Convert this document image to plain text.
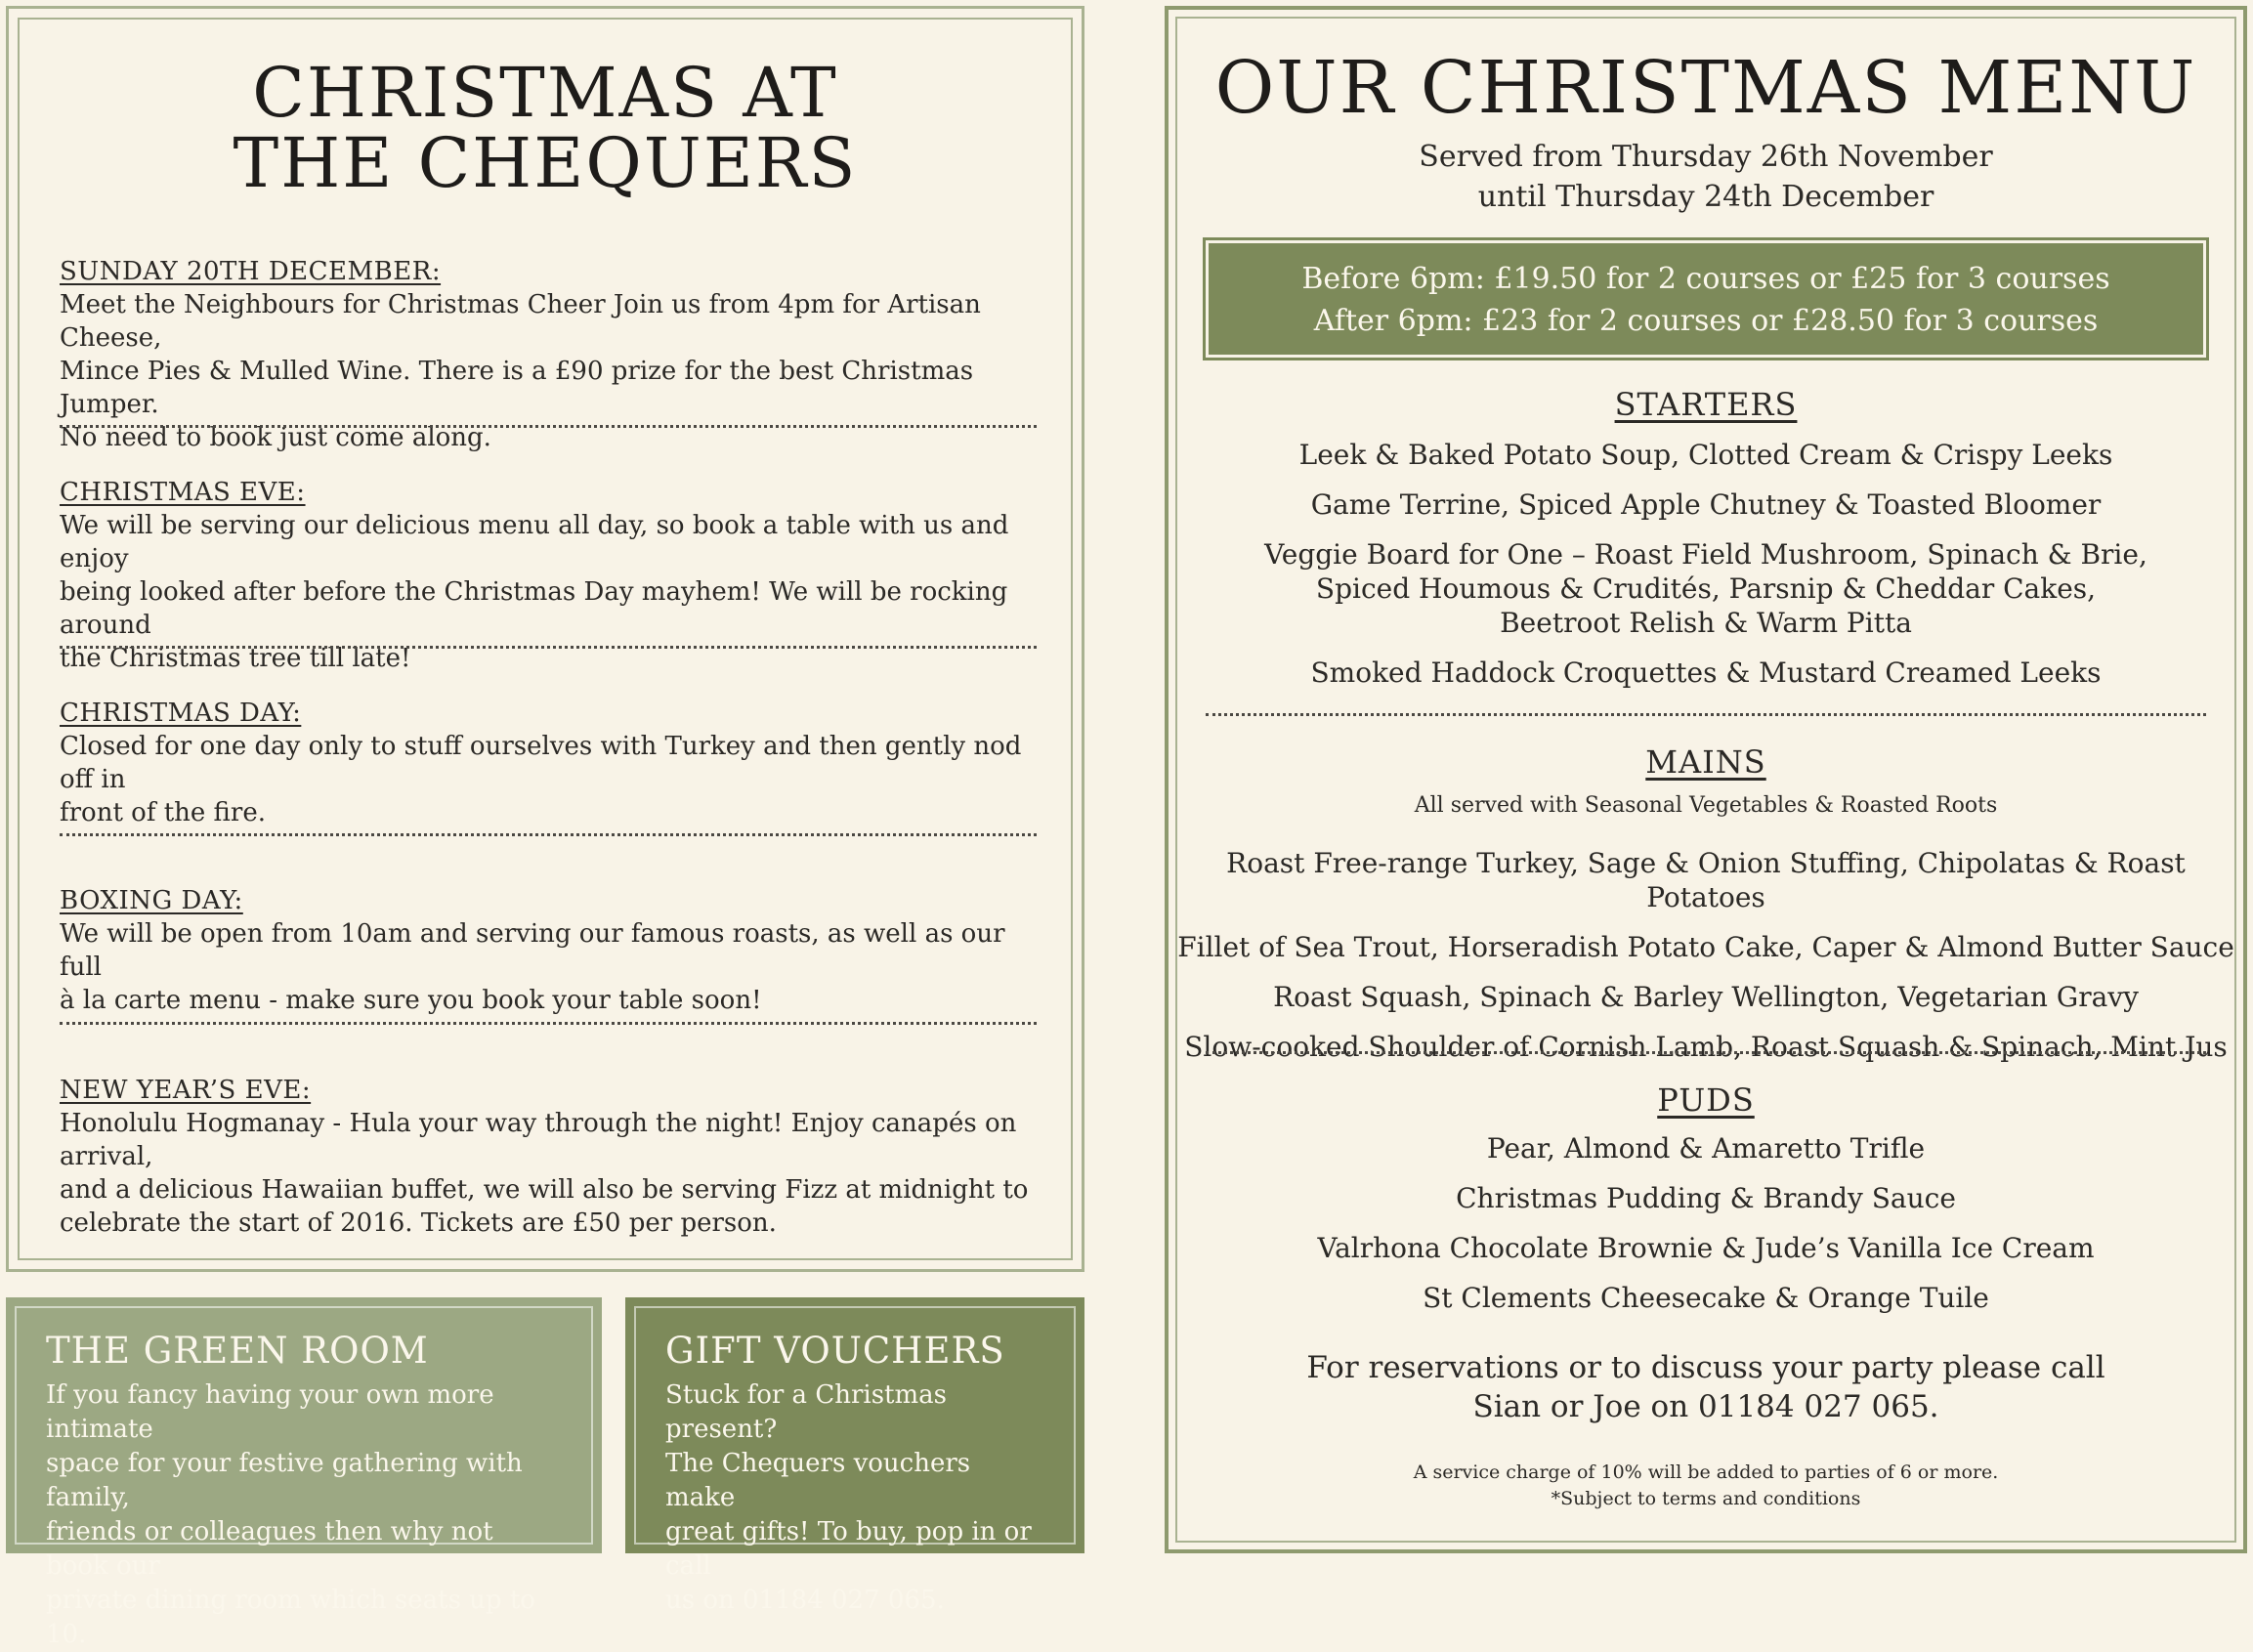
CHRISTMAS AT
THE CHEQUERS
SUNDAY 20TH DECEMBER:

Meet the Neighbours for Christmas Cheer Join us from 4pm for Artisan Cheese,
Mince Pies & Mulled Wine. There is a £90 prize for the best Christmas Jumper.
No need to book just come along.

CHRISTMAS EVE:

We will be serving our delicious menu all day, so book a table with us and enjoy
being looked after before the Christmas Day mayhem! We will be rocking around
the Christmas tree till late!

CHRISTMAS DAY:

Closed for one day only to stuff ourselves with Turkey and then gently nod off in
front of the fire.

BOXING DAY:

We will be open from 10am and serving our famous roasts, as well as our full
à la carte menu - make sure you book your table soon!

NEW YEAR’S EVE:

Honolulu Hogmanay - Hula your way through the night! Enjoy canapés on arrival,
and a delicious Hawaiian buffet, we will also be serving Fizz at midnight to
celebrate the start of 2016. Tickets are £50 per person.

THE GREEN ROOM

If you fancy having your own more intimate
space for your festive gathering with family,
friends or colleagues then why not book our
private dining room which seats up to 10.

GIFT VOUCHERS

Stuck for a Christmas present?
The Chequers vouchers make
great gifts! To buy, pop in or call
us on 01184 027 065.

OUR CHRISTMAS MENU
Served from Thursday 26th November
until Thursday 24th December
Before 6pm: £19.50 for 2 courses or £25 for 3 courses
After 6pm: £23 for 2 courses or £28.50 for 3 courses
STARTERS
Leek & Baked Potato Soup, Clotted Cream & Crispy Leeks
Game Terrine, Spiced Apple Chutney & Toasted Bloomer
Veggie Board for One – Roast Field Mushroom, Spinach & Brie,
Spiced Houmous & Crudités, Parsnip & Cheddar Cakes,
Beetroot Relish & Warm Pitta
Smoked Haddock Croquettes & Mustard Creamed Leeks
MAINS
All served with Seasonal Vegetables & Roasted Roots
Roast Free-range Turkey, Sage & Onion Stuffing, Chipolatas & Roast Potatoes
Fillet of Sea Trout, Horseradish Potato Cake, Caper & Almond Butter Sauce
Roast Squash, Spinach & Barley Wellington, Vegetarian Gravy
Slow-cooked Shoulder of Cornish Lamb, Roast Squash & Spinach, Mint Jus
PUDS
Pear, Almond & Amaretto Trifle
Christmas Pudding & Brandy Sauce
Valrhona Chocolate Brownie & Jude’s Vanilla Ice Cream
St Clements Cheesecake & Orange Tuile
For reservations or to discuss your party please call
Sian or Joe on 01184 027 065.
A service charge of 10% will be added to parties of 6 or more.
*Subject to terms and conditions
